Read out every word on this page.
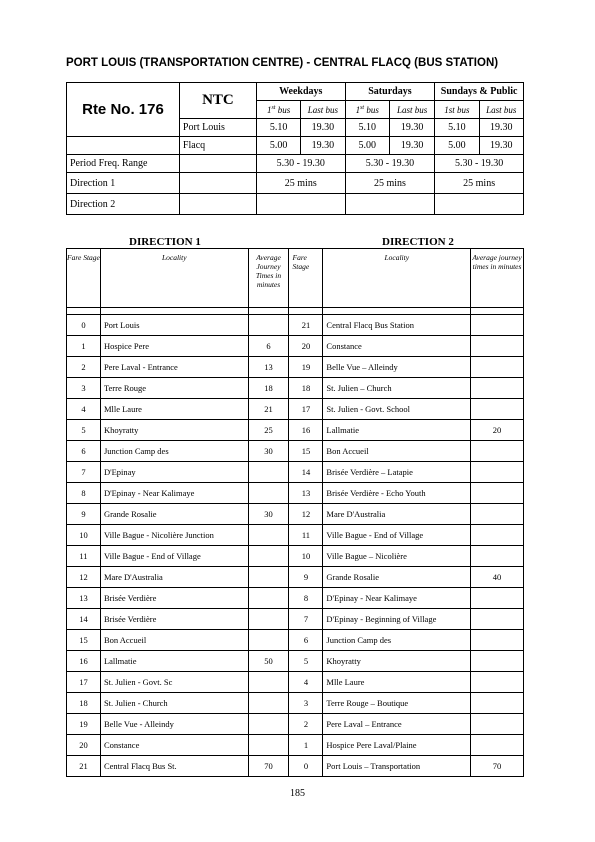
PORT LOUIS (TRANSPORTATION CENTRE) - CENTRAL FLACQ (BUS STATION)
Rte No. 176	NTC	Weekdays		Saturdays		Sundays & Public	
		1st bus	Last bus	1st bus	Last bus	1st bus	Last bus
	Port Louis	5.10	19.30	5.10	19.30	5.10	19.30
	Flacq	5.00	19.30	5.00	19.30	5.00	19.30
Period Freq. Range		5.30 - 19.30		5.30 - 19.30		5.30 - 19.30	
Direction 1		25 mins		25 mins		25 mins	
Direction 2							
DIRECTION 1	DIRECTION 2
Fare Stage	Locality	Average Journey Times in minutes	Fare Stage	Locality	Average journey times in minutes

0	Port Louis		21	Central Flacq Bus Station	
1	Hospice Pere	6	20	Constance	
2	Pere Laval - Entrance	13	19	Belle Vue – Alleindy	
3	Terre Rouge	18	18	St. Julien – Church	
4	Mlle Laure	21	17	St. Julien - Govt. School	
5	Khoyratty	25	16	Lallmatie	20
6	Junction Camp des	30	15	Bon Accueil	
7	D'Epinay		14	Brisée Verdière – Latapie	
8	D'Epinay - Near Kalimaye		13	Brisée Verdière - Echo Youth	
9	Grande Rosalie	30	12	Mare D'Australia	
10	Ville Bague - Nicolière Junction		11	Ville Bague - End of Village	
11	Ville Bague - End of Village		10	Ville Bague – Nicolière	
12	Mare D'Australia		9	Grande Rosalie	40
13	Brisée Verdière		8	D'Epinay - Near Kalimaye	
14	Brisée Verdière		7	D'Epinay - Beginning of Village	
15	Bon Accueil		6	Junction Camp des	
16	Lallmatie	50	5	Khoyratty	
17	St. Julien - Govt. Sc		4	Mlle Laure	
18	St. Julien - Church		3	Terre Rouge – Boutique	
19	Belle Vue - Alleindy		2	Pere Laval – Entrance	
20	Constance		1	Hospice Pere Laval/Plaine	
21	Central Flacq Bus St.	70	0	Port Louis – Transportation	70
185
